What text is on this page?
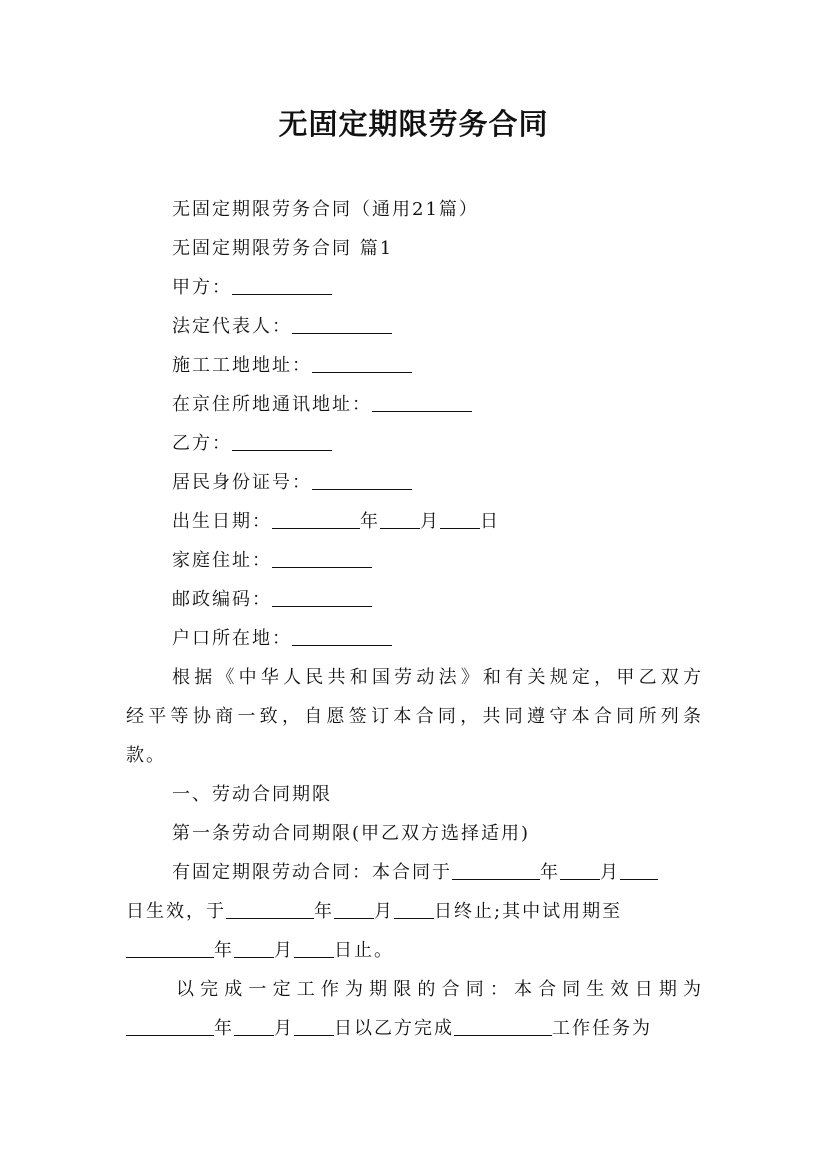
无固定期限劳务合同
无固定期限劳务合同（通用21篇）
无固定期限劳务合同 篇1
甲方：
法定代表人：
施工工地地址：
在京住所地通讯地址：
乙方：
居民身份证号：
出生日期：	年 月 日
家庭住址：
邮政编码：
户口所在地：
根据《中华人民共和国劳动法》和有关规定，甲乙双方
经平等协商一致，自愿签订本合同，共同遵守本合同所列条
款。
一、劳动合同期限
第一条劳动合同期限(甲乙双方选择适用)
有固定期限劳动合同：本合同于	年 月
日生效，于	年 月 日终止;其中试用期至
年 月 日止。
以完成一定工作为期限的合同：本合同生效日期为
年 月 日以乙方完成	工作任务为
